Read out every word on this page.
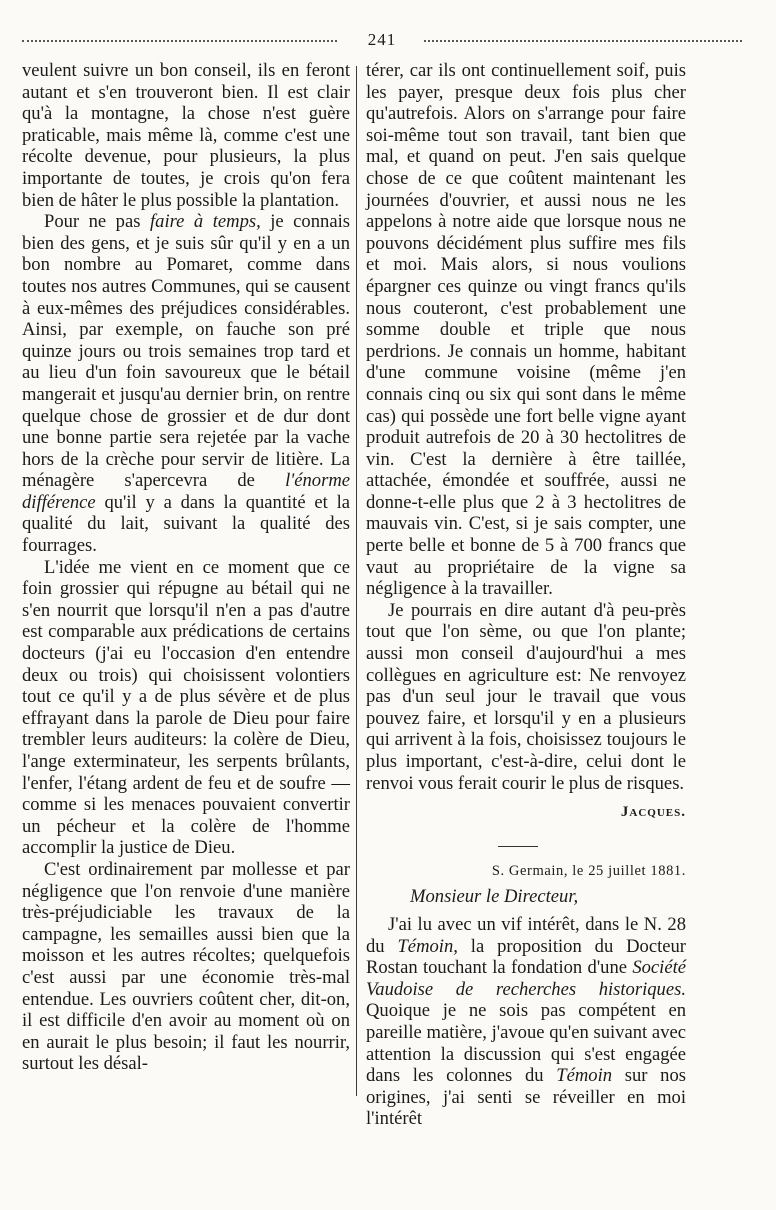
241

veulent suivre un bon conseil, ils en feront autant et s'en trouveront bien. Il est clair qu'à la montagne, la chose n'est guère praticable, mais même là, comme c'est une récolte devenue, pour plusieurs, la plus importante de toutes, je crois qu'on fera bien de hâter le plus possible la plantation.

Pour ne pas faire à temps, je connais bien des gens, et je suis sûr qu'il y en a un bon nombre au Pomaret, comme dans toutes nos autres Communes, qui se causent à eux-mêmes des préjudices considérables. Ainsi, par exemple, on fauche son pré quinze jours ou trois semaines trop tard et au lieu d'un foin savoureux que le bétail mangerait et jusqu'au dernier brin, on rentre quelque chose de grossier et de dur dont une bonne partie sera rejetée par la vache hors de la crèche pour servir de litière. La ménagère s'apercevra de l'énorme différence qu'il y a dans la quantité et la qualité du lait, suivant la qualité des fourrages.

L'idée me vient en ce moment que ce foin grossier qui répugne au bétail qui ne s'en nourrit que lorsqu'il n'en a pas d'autre est comparable aux prédications de certains docteurs (j'ai eu l'occasion d'en entendre deux ou trois) qui choisissent volontiers tout ce qu'il y a de plus sévère et de plus effrayant dans la parole de Dieu pour faire trembler leurs auditeurs: la colère de Dieu, l'ange exterminateur, les serpents brûlants, l'enfer, l'étang ardent de feu et de soufre — comme si les menaces pouvaient convertir un pécheur et la colère de l'homme accomplir la justice de Dieu.

C'est ordinairement par mollesse et par négligence que l'on renvoie d'une manière très-préjudiciable les travaux de la campagne, les semailles aussi bien que la moisson et les autres récoltes; quelquefois c'est aussi par une économie très-mal entendue. Les ouvriers coûtent cher, dit-on, il est difficile d'en avoir au moment où on en aurait le plus besoin; il faut les nourrir, surtout les désal-

térer, car ils ont continuellement soif, puis les payer, presque deux fois plus cher qu'autrefois. Alors on s'arrange pour faire soi-même tout son travail, tant bien que mal, et quand on peut. J'en sais quelque chose de ce que coûtent maintenant les journées d'ouvrier, et aussi nous ne les appelons à notre aide que lorsque nous ne pouvons décidément plus suffire mes fils et moi. Mais alors, si nous voulions épargner ces quinze ou vingt francs qu'ils nous couteront, c'est probablement une somme double et triple que nous perdrions. Je connais un homme, habitant d'une commune voisine (même j'en connais cinq ou six qui sont dans le même cas) qui possède une fort belle vigne ayant produit autrefois de 20 à 30 hectolitres de vin. C'est la dernière à être taillée, attachée, émondée et souffrée, aussi ne donne-t-elle plus que 2 à 3 hectolitres de mauvais vin. C'est, si je sais compter, une perte belle et bonne de 5 à 700 francs que vaut au propriétaire de la vigne sa négligence à la travailler.

Je pourrais en dire autant d'à peu-près tout que l'on sème, ou que l'on plante; aussi mon conseil d'aujourd'hui a mes collègues en agriculture est: Ne renvoyez pas d'un seul jour le travail que vous pouvez faire, et lorsqu'il y en a plusieurs qui arrivent à la fois, choisissez toujours le plus important, c'est-à-dire, celui dont le renvoi vous ferait courir le plus de risques.

Jacques.

S. Germain, le 25 juillet 1881.

Monsieur le Directeur,

J'ai lu avec un vif intérêt, dans le N. 28 du Témoin, la proposition du Docteur Rostan touchant la fondation d'une Société Vaudoise de recherches historiques. Quoique je ne sois pas compétent en pareille matière, j'avoue qu'en suivant avec attention la discussion qui s'est engagée dans les colonnes du Témoin sur nos origines, j'ai senti se réveiller en moi l'intérêt
